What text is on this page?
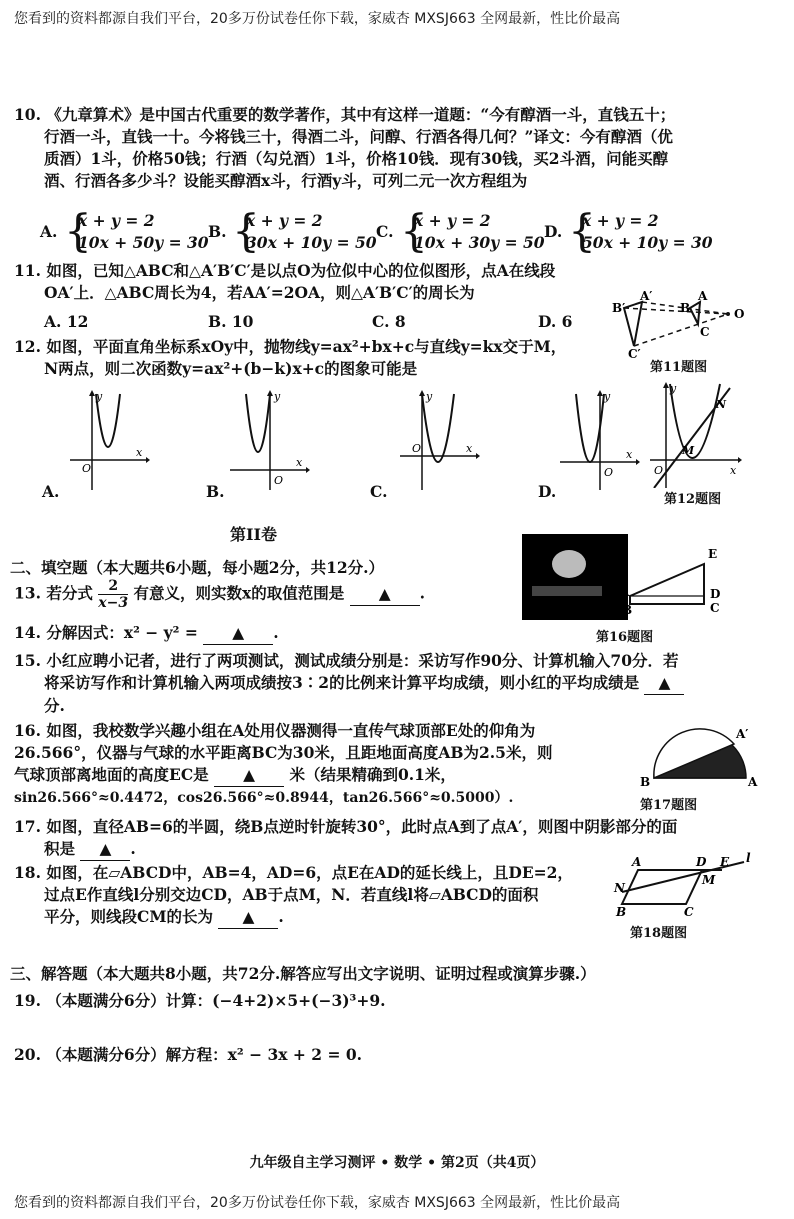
您看到的资料都源自我们平台，20多万份试卷任你下载，家威杏 MXSJ663 全网最新，性比价最高

10. 《九章算术》是中国古代重要的数学著作，其中有这样一道题：“今有醇酒一斗，直钱五十；

行酒一斗，直钱一十。今将钱三十，得酒二斗，问醇、行酒各得几何？”译文：今有醇酒（优

质酒）1斗，价格50钱；行酒（勾兑酒）1斗，价格10钱．现有30钱，买2斗酒，问能买醇

酒、行酒各多少斗？设能买醇酒x斗，行酒y斗，可列二元一次方程组为

A. {
x + y = 2
10x + 50y = 30
B. {
x + y = 2
30x + 10y = 50
C. {
x + y = 2
10x + 30y = 50
D. {
x + y = 2
50x + 10y = 30

11. 如图，已知△ABC和△A′B′C′是以点O为位似中心的位似图形，点A在线段

OA′上．△ABC周长为4，若AA′=2OA，则△A′B′C′的周长为

A. 12	B. 10	C. 8	D. 6
B′
A′
B
A
C
C′
O
第11题图

12. 如图，平面直角坐标系xOy中，抛物线y=ax²+bx+c与直线y=kx交于M，

N两点，则二次函数y=ax²+(b−k)x+c的图象可能是

y
x
O
y
x
O
y
x
O
y
x
O
A.	B.	C.	D.
y
x
O
M
N
第12题图
第II卷
二、填空题（本大题共6小题，每小题2分，共12分.）

13. 若分式 $\frac{2}{x-3}$ 有意义，则实数x的取值范围是 ▲ .

14. 分解因式：x² − y² = ▲ .

E
A
B
D
C
第16题图

15. 小红应聘小记者，进行了两项测试，测试成绩分别是：采访写作90分、计算机输入70分．若

将采访写作和计算机输入两项成绩按3∶2的比例来计算平均成绩，则小红的平均成绩是 ▲

分.

16. 如图，我校数学兴趣小组在A处用仪器测得一直传气球顶部E处的仰角为

26.566°，仪器与气球的水平距离BC为30米，且距地面高度AB为2.5米，则

气球顶部离地面的高度EC是 ▲ 米（结果精确到0.1米，

sin26.566°≈0.4472，cos26.566°≈0.8944，tan26.566°≈0.5000）.

A′
B	A
第17题图

17. 如图，直径AB=6的半圆，绕B点逆时针旋转30°，此时点A到了点A′，则图中阴影部分的面

积是 ▲ .

18. 如图，在▱ABCD中，AB=4，AD=6，点E在AD的延长线上，且DE=2，

过点E作直线l分别交边CD，AB于点M，N．若直线l将▱ABCD的面积

平分，则线段CM的长为 ▲ .

A	D E l
N
M
B	C
第18题图
三、解答题（本大题共8小题，共72分.解答应写出文字说明、证明过程或演算步骤.）
19. （本题满分6分）计算：(−4+2)×5+(−3)³+9.
20. （本题满分6分）解方程：x² − 3x + 2 = 0.
九年级自主学习测评 • 数学 • 第2页（共4页）
您看到的资料都源自我们平台，20多万份试卷任你下载，家威杏 MXSJ663 全网最新，性比价最高
